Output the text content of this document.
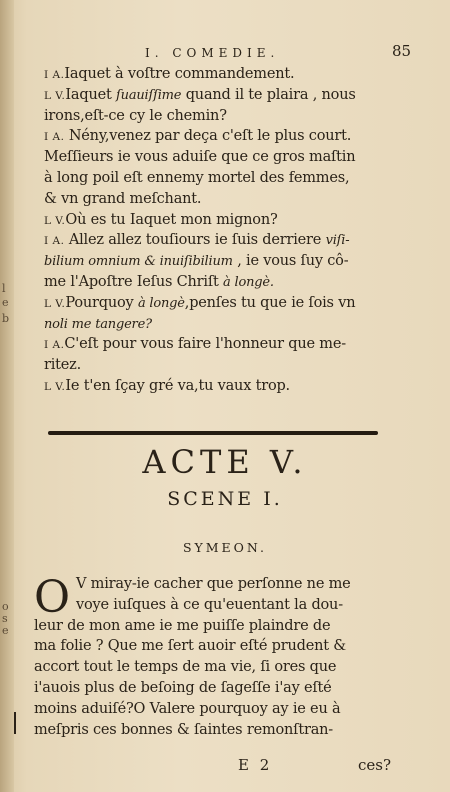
l
e
b
o
s
e
I. COMEDIE.	85
I A.Iaquet à voſtre commandement.
L V.Iaquet ſuauiſſime quand il te plaira , nous
irons,eſt-ce cy le chemin?
I A. Nény,venez par deça c'eſt le plus court.
Meſſieurs ie vous aduiſe que ce gros maſtin
à long poil eſt ennemy mortel des femmes,
& vn grand meſchant.
L V.Où es tu Iaquet mon mignon?
I A. Allez allez touſiours ie ſuis derriere viſi-
bilium omnium & inuiſibilium , ie vous ſuy cô-
me l'Apoſtre Ieſus Chriſt à longè.
L V.Pourquoy à longè,penſes tu que ie ſois vn
noli me tangere?
I A.C'eſt pour vous faire l'honneur que me-
ritez.
L V.Ie t'en ſçay gré va,tu vaux trop.
ACTE V.
SCENE I.
SYMEON.
O V miray-ie cacher que perſonne ne me
voye iuſques à ce qu'euentant la dou-
leur de mon ame ie me puiſſe plaindre de
ma folie ? Que me ſert auoir eſté prudent &
accort tout le temps de ma vie, ſi ores que
i'auois plus de beſoing de ſageſſe i'ay eſté
moins aduiſé?O Valere pourquoy ay ie eu à
meſpris ces bonnes & ſaintes remonſtran-
E 2	ces?
